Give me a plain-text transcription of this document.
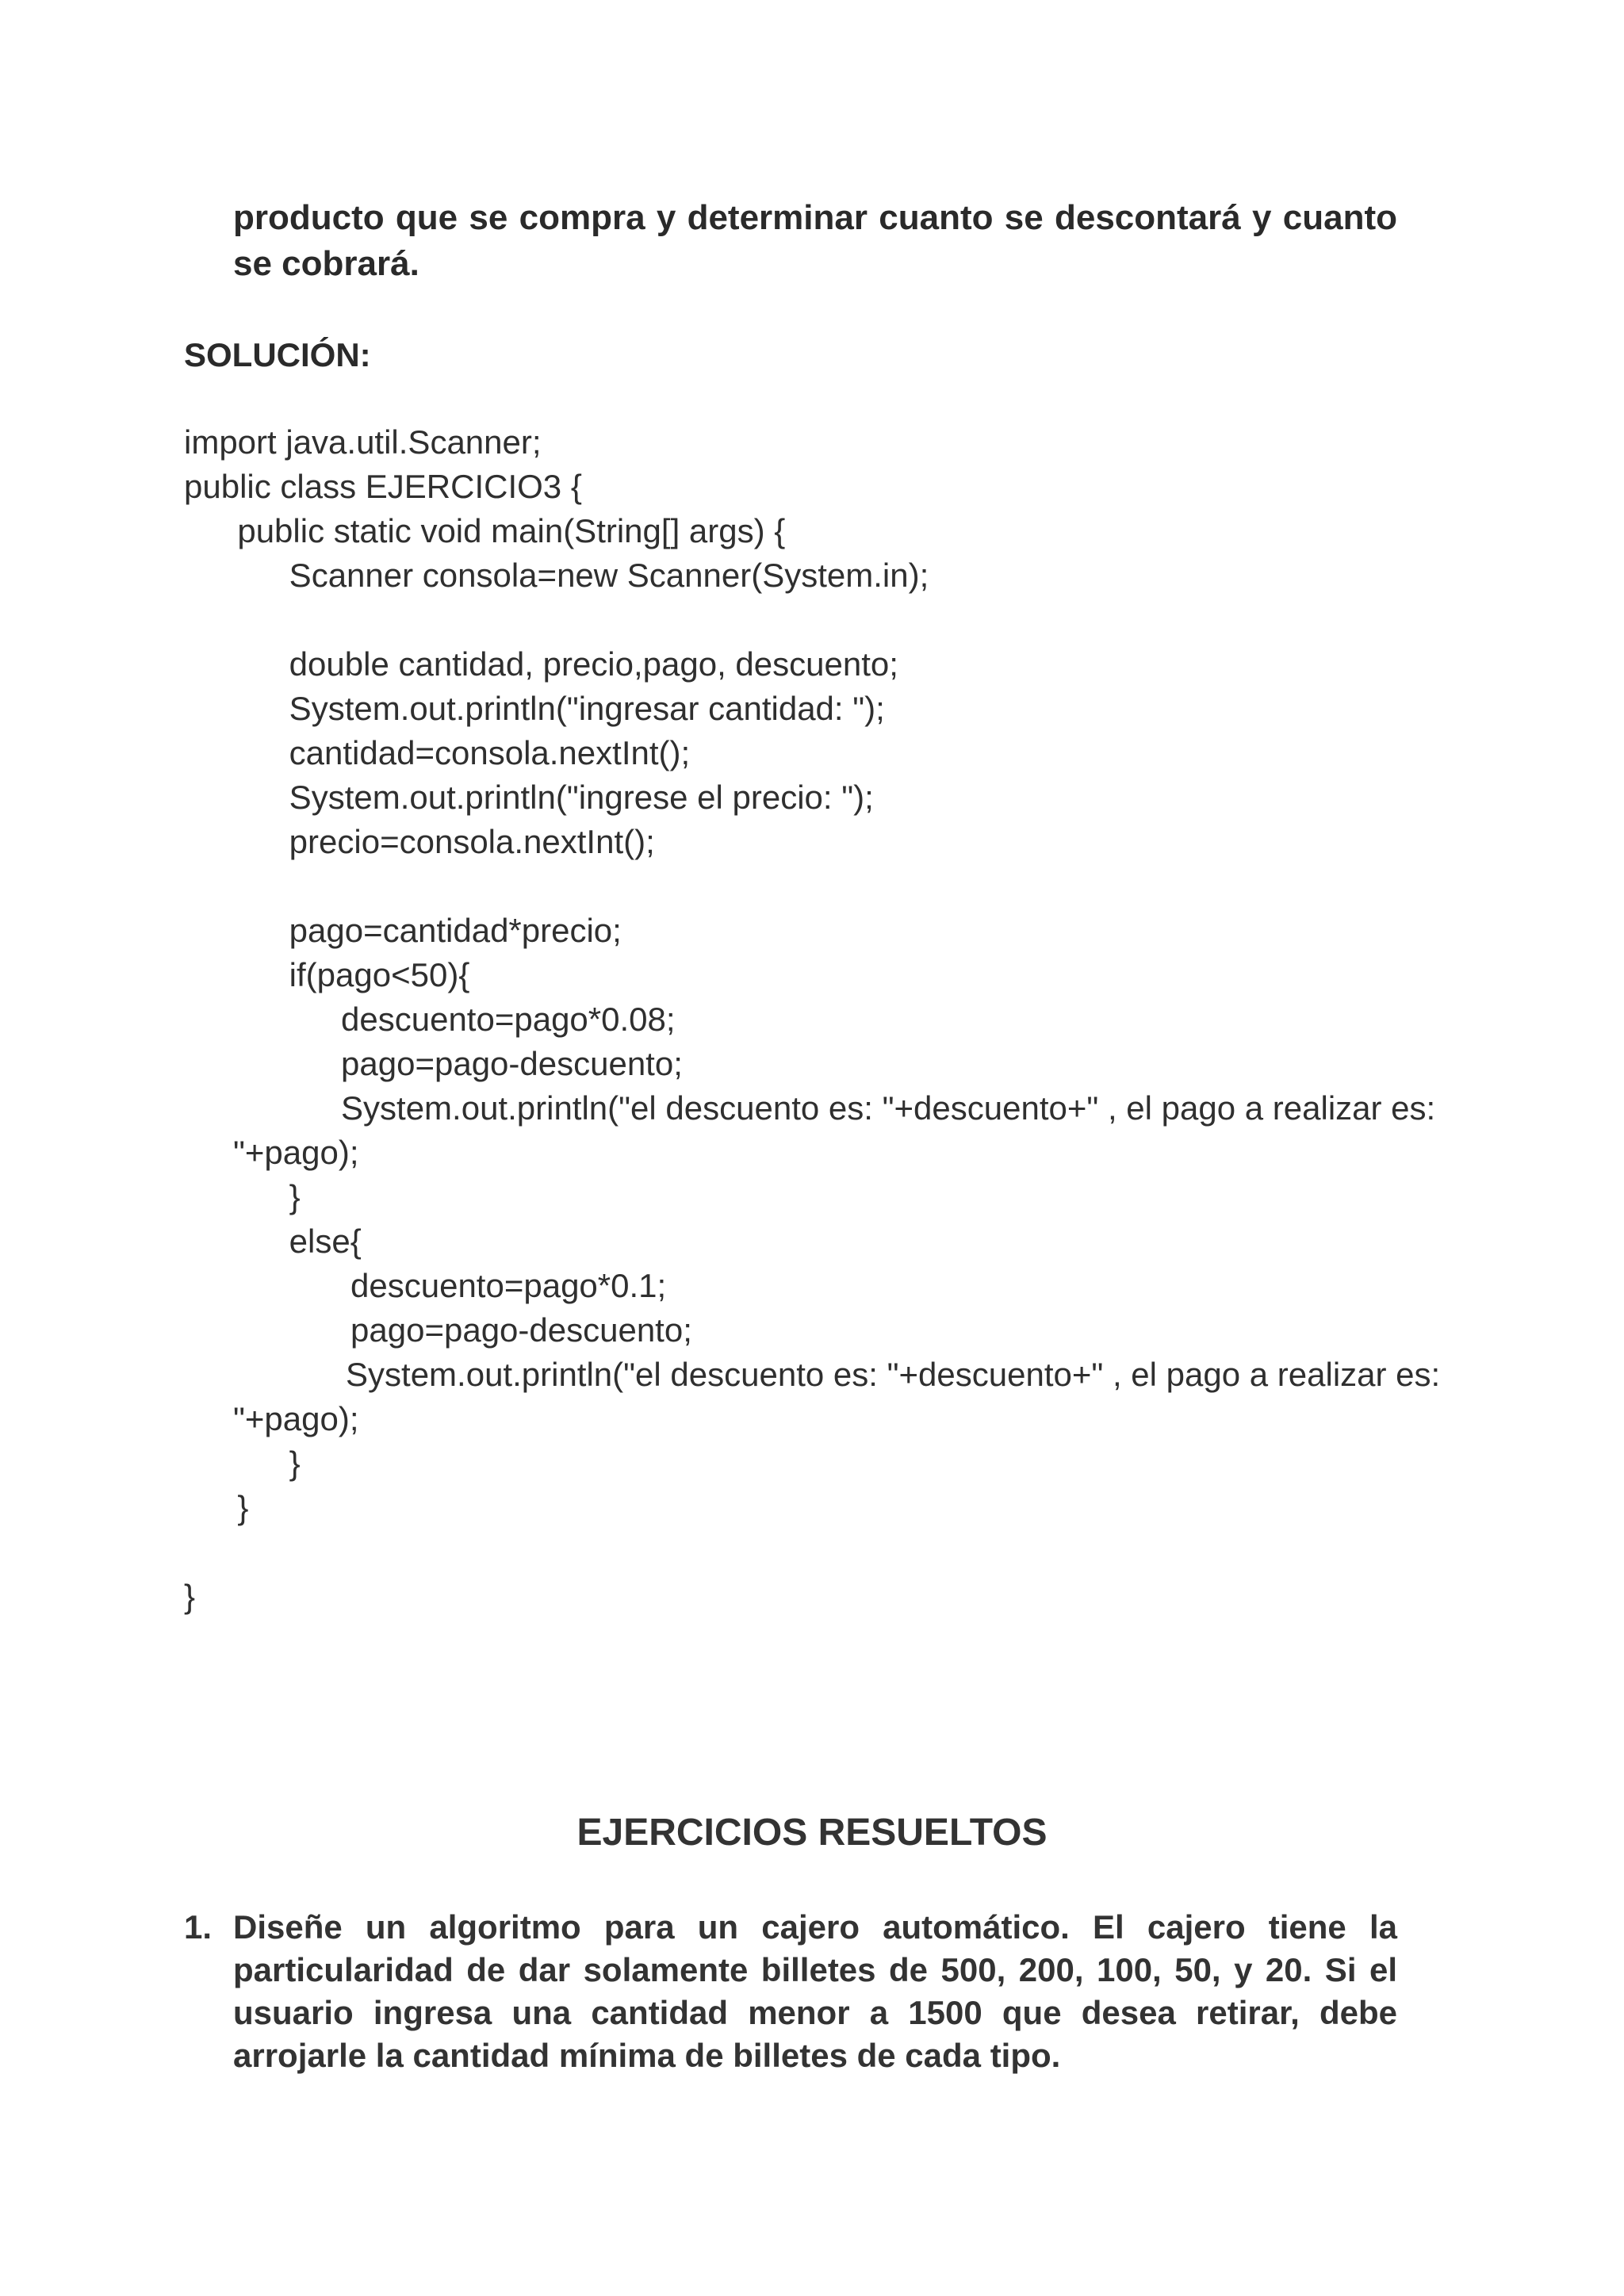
producto que se compra y determinar cuanto se descontará y cuanto se cobrará.

SOLUCIÓN:
import java.util.Scanner;
public class EJERCICIO3 {
public static void main(String[] args) {
Scanner consola=new Scanner(System.in);
double cantidad, precio,pago, descuento;
System.out.println("ingresar cantidad: ");
cantidad=consola.nextInt();
System.out.println("ingrese el precio: ");
precio=consola.nextInt();
pago=cantidad*precio;
if(pago<50){
descuento=pago*0.08;
pago=pago-descuento;
System.out.println("el descuento es: "+descuento+" , el pago a realizar es:
"+pago);
}
else{
descuento=pago*0.1;
pago=pago-descuento;
System.out.println("el descuento es: "+descuento+" , el pago a realizar es:
"+pago);
}
}
}
EJERCICIOS RESUELTOS
1. Diseñe un algoritmo para un cajero automático. El cajero tiene la particularidad de dar solamente billetes de 500, 200, 100, 50, y 20. Si el usuario ingresa una cantidad menor a 1500 que desea retirar, debe arrojarle la cantidad mínima de billetes de cada tipo.
